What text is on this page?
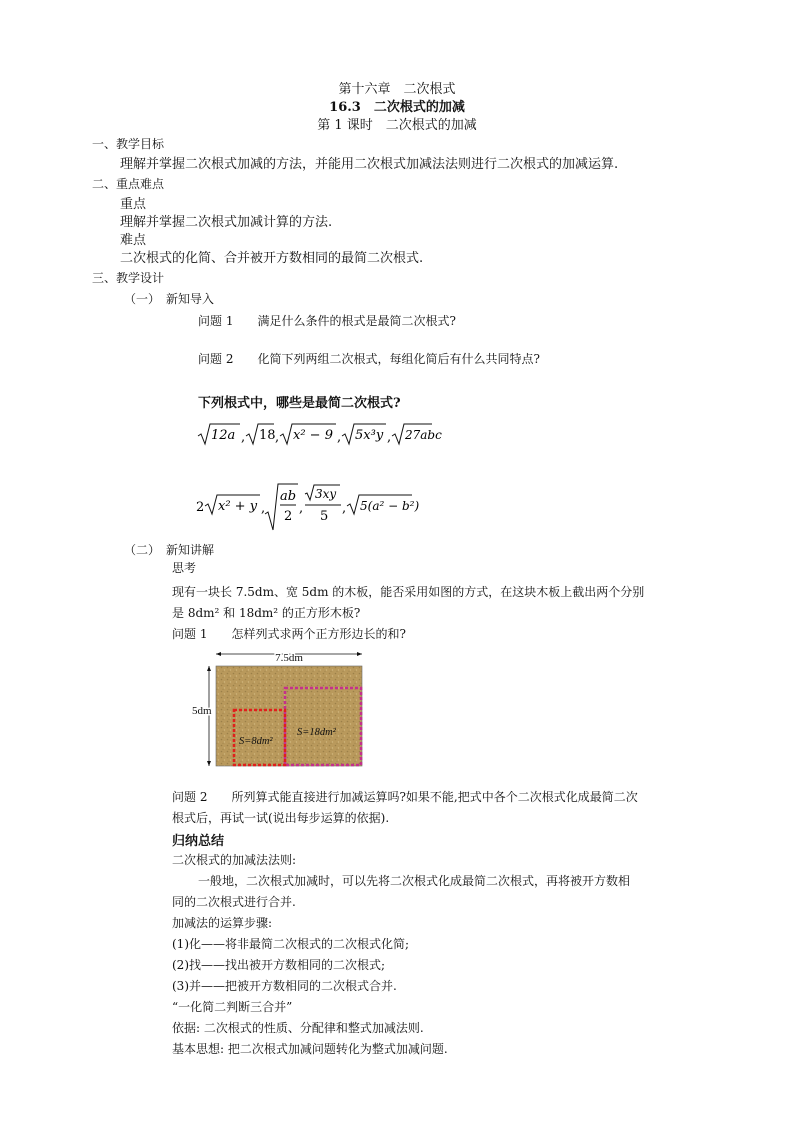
第十六章　二次根式
16.3　二次根式的加减
第 1 课时　二次根式的加减
一、教学目标
理解并掌握二次根式加减的方法，并能用二次根式加减法法则进行二次根式的加减运算.
二、重点难点
重点
理解并掌握二次根式加减计算的方法.
难点
二次根式的化简、合并被开方数相同的最简二次根式.
三、教学设计
（一）　新知导入
问题 1　　满足什么条件的根式是最简二次根式?
问题 2　　化简下列两组二次根式，每组化简后有什么共同特点?
下列根式中，哪些是最简二次根式?
12a , 18 , x² − 9 , 5x³y , 27abc
2 x² + y ,
ab
2
,
3xy
5
, 5(a² − b²)
（二）　新知讲解
思考
现有一块长 7.5dm、宽 5dm 的木板，能否采用如图的方式，在这块木板上截出两个分别
是 8dm² 和 18dm² 的正方形木板?
问题 1　　怎样列式求两个正方形边长的和?
7.5dm
5dm
S=8dm²
S=18dm²
问题 2　　所列算式能直接进行加减运算吗?如果不能,把式中各个二次根式化成最简二次
根式后，再试一试(说出每步运算的依据).
归纳总结
二次根式的加减法法则:
一般地，二次根式加减时，可以先将二次根式化成最简二次根式，再将被开方数相
同的二次根式进行合并.
加减法的运算步骤:
(1)化——将非最简二次根式的二次根式化简;
(2)找——找出被开方数相同的二次根式;
(3)并——把被开方数相同的二次根式合并.
“一化简二判断三合并”
依据: 二次根式的性质、分配律和整式加减法则.
基本思想: 把二次根式加减问题转化为整式加减问题.
